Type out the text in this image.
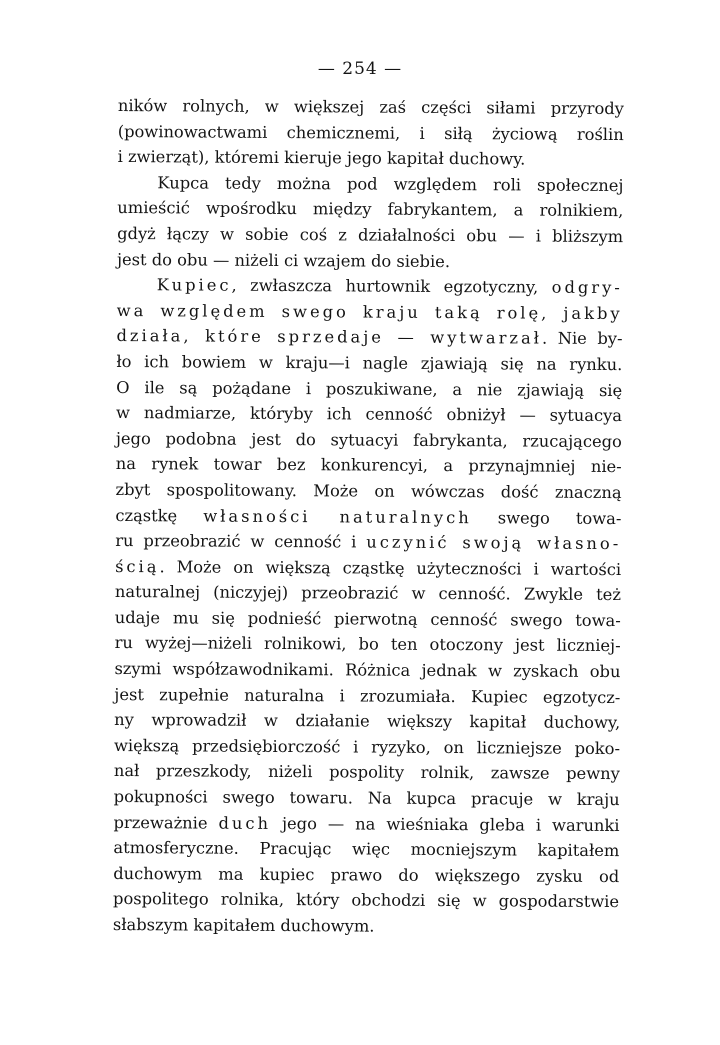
— 254 —
ników rolnych, w większej zaś części siłami przyrody
(powinowactwami chemicznemi, i siłą życiową roślin
i zwierząt), któremi kieruje jego kapitał duchowy.
Kupca tedy można pod względem roli społecznej
umieścić wpośrodku między fabrykantem, a rolnikiem,
gdyż łączy w sobie coś z działalności obu — i bliższym
jest do obu — niżeli ci wzajem do siebie.
Kupiec, zwłaszcza hurtownik egzotyczny, odgry-
wa względem swego kraju taką rolę, jakby
działa, które sprzedaje — wytwarzał. Nie by-
ło ich bowiem w kraju—i nagle zjawiają się na rynku.
O ile są pożądane i poszukiwane, a nie zjawiają się
w nadmiarze, któryby ich cenność obniżył — sytuacya
jego podobna jest do sytuacyi fabrykanta, rzucającego
na rynek towar bez konkurencyi, a przynajmniej nie-
zbyt spospolitowany. Może on wówczas dość znaczną
cząstkę własności naturalnych swego towa-
ru przeobrazić w cenność i uczynić swoją własno-
ścią. Może on większą cząstkę użyteczności i wartości
naturalnej (niczyjej) przeobrazić w cenność. Zwykle też
udaje mu się podnieść pierwotną cenność swego towa-
ru wyżej—niżeli rolnikowi, bo ten otoczony jest liczniej-
szymi współzawodnikami. Różnica jednak w zyskach obu
jest zupełnie naturalna i zrozumiała. Kupiec egzotycz-
ny wprowadził w działanie większy kapitał duchowy,
większą przedsiębiorczość i ryzyko, on liczniejsze poko-
nał przeszkody, niżeli pospolity rolnik, zawsze pewny
pokupności swego towaru. Na kupca pracuje w kraju
przeważnie duch jego — na wieśniaka gleba i warunki
atmosferyczne. Pracując więc mocniejszym kapitałem
duchowym ma kupiec prawo do większego zysku od
pospolitego rolnika, który obchodzi się w gospodarstwie
słabszym kapitałem duchowym.
